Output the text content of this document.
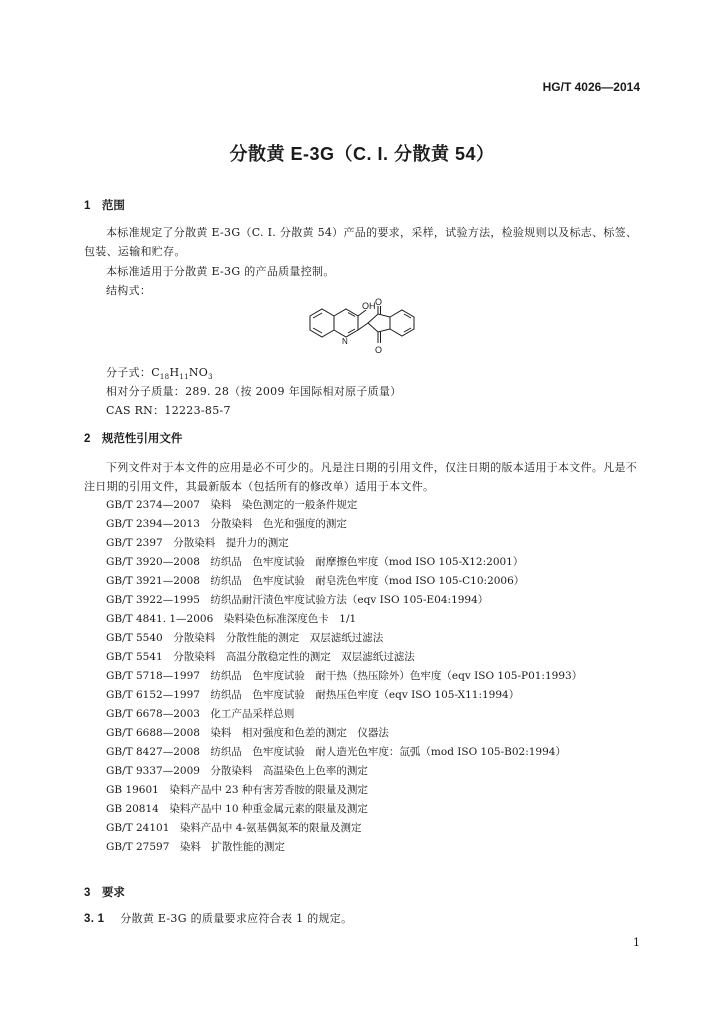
HG/T 4026—2014
分散黄 E-3G（C. I. 分散黄 54）
1　范围
本标准规定了分散黄 E-3G（C. I. 分散黄 54）产品的要求，采样，试验方法，检验规则以及标志、标签、包装、运输和贮存。
本标准适用于分散黄 E-3G 的产品质量控制。
结构式：
OH
N
O
O
分子式：$C_{18}H_{11}NO_3$
相对分子质量：289. 28（按 2009 年国际相对原子质量）
CAS RN：12223-85-7
2　规范性引用文件
下列文件对于本文件的应用是必不可少的。凡是注日期的引用文件，仅注日期的版本适用于本文件。凡是不注日期的引用文件，其最新版本（包括所有的修改单）适用于本文件。
GB/T 2374—2007　染料　染色测定的一般条件规定
GB/T 2394—2013　分散染料　色光和强度的测定
GB/T 2397　分散染料　提升力的测定
GB/T 3920—2008　纺织品　色牢度试验　耐摩擦色牢度（mod ISO 105-X12:2001）
GB/T 3921—2008　纺织品　色牢度试验　耐皂洗色牢度（mod ISO 105-C10:2006）
GB/T 3922—1995　纺织品耐汗渍色牢度试验方法（eqv ISO 105-E04:1994）
GB/T 4841. 1—2006　染料染色标准深度色卡　1/1
GB/T 5540　分散染料　分散性能的测定　双层滤纸过滤法
GB/T 5541　分散染料　高温分散稳定性的测定　双层滤纸过滤法
GB/T 5718—1997　纺织品　色牢度试验　耐干热（热压除外）色牢度（eqv ISO 105-P01:1993）
GB/T 6152—1997　纺织品　色牢度试验　耐热压色牢度（eqv ISO 105-X11:1994）
GB/T 6678—2003　化工产品采样总则
GB/T 6688—2008　染料　相对强度和色差的测定　仪器法
GB/T 8427—2008　纺织品　色牢度试验　耐人造光色牢度：氙弧（mod ISO 105-B02:1994）
GB/T 9337—2009　分散染料　高温染色上色率的测定
GB 19601　染料产品中 23 种有害芳香胺的限量及测定
GB 20814　染料产品中 10 种重金属元素的限量及测定
GB/T 24101　染料产品中 4-氨基偶氮苯的限量及测定
GB/T 27597　染料　扩散性能的测定
3　要求
3. 1 分散黄 E-3G 的质量要求应符合表 1 的规定。
1
